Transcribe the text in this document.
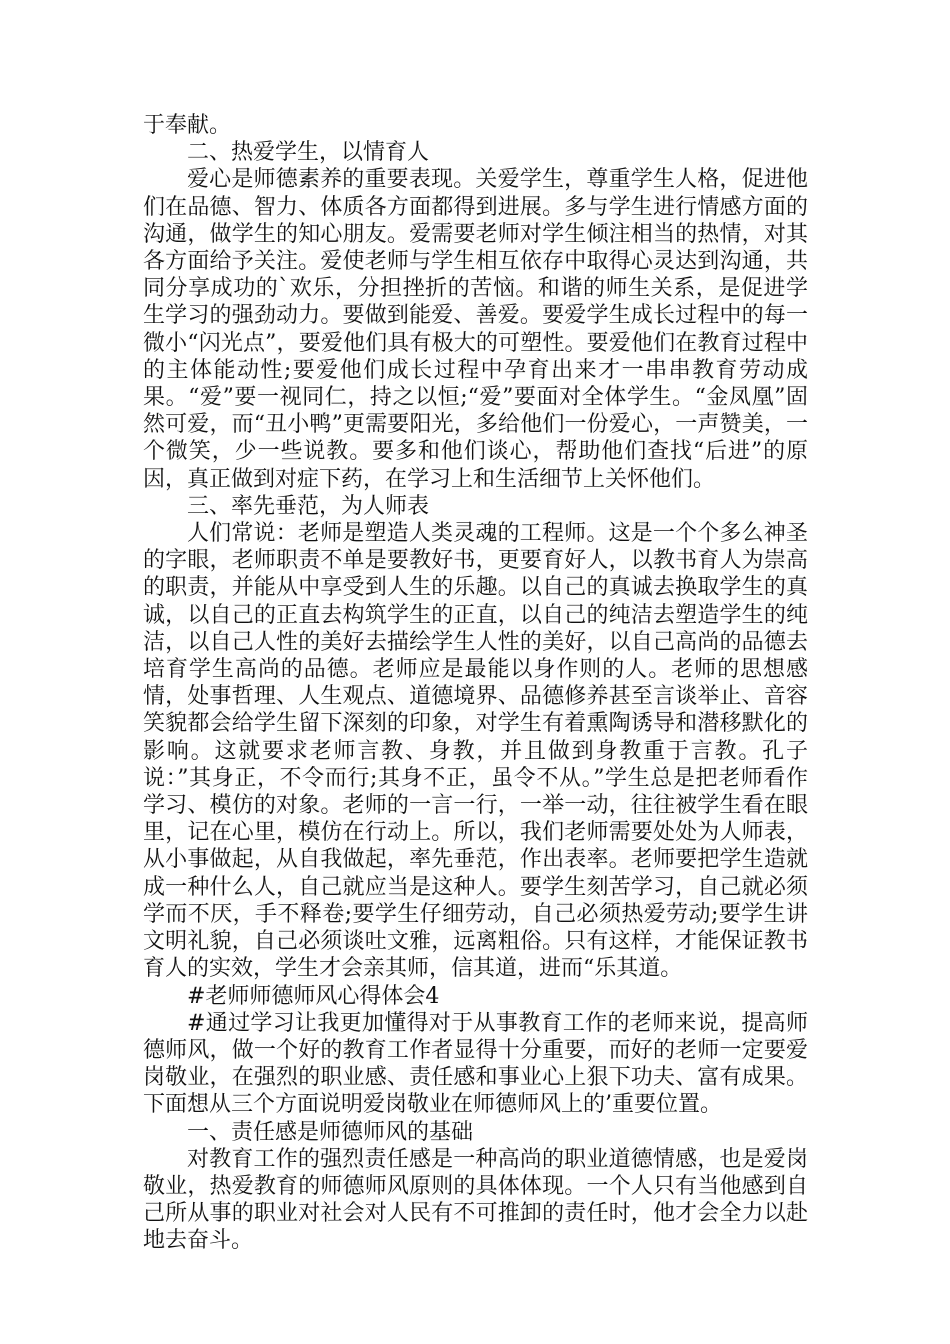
于奉献。

二、热爱学生，以情育人

爱心是师德素养的重要表现。关爱学生，尊重学生人格，促进他们在品德、智力、体质各方面都得到进展。多与学生进行情感方面的沟通，做学生的知心朋友。爱需要老师对学生倾注相当的热情，对其各方面给予关注。爱使老师与学生相互依存中取得心灵达到沟通，共同分享成功的`欢乐，分担挫折的苦恼。和谐的师生关系，是促进学生学习的强劲动力。要做到能爱、善爱。要爱学生成长过程中的每一微小“闪光点”，要爱他们具有极大的可塑性。要爱他们在教育过程中的主体能动性;要爱他们成长过程中孕育出来才一串串教育劳动成果。“爱”要一视同仁，持之以恒;“爱”要面对全体学生。“金凤凰”固然可爱，而“丑小鸭”更需要阳光，多给他们一份爱心，一声赞美，一个微笑，少一些说教。要多和他们谈心，帮助他们查找“后进”的原因，真正做到对症下药，在学习上和生活细节上关怀他们。

三、率先垂范，为人师表

人们常说：老师是塑造人类灵魂的工程师。这是一个个多么神圣的字眼，老师职责不单是要教好书，更要育好人，以教书育人为崇高的职责，并能从中享受到人生的乐趣。以自己的真诚去换取学生的真诚，以自己的正直去构筑学生的正直，以自己的纯洁去塑造学生的纯洁，以自己人性的美好去描绘学生人性的美好，以自己高尚的品德去培育学生高尚的品德。老师应是最能以身作则的人。老师的思想感情，处事哲理、人生观点、道德境界、品德修养甚至言谈举止、音容笑貌都会给学生留下深刻的印象，对学生有着熏陶诱导和潜移默化的影响。这就要求老师言教、身教，并且做到身教重于言教。孔子说：”其身正，不令而行;其身不正，虽令不从。”学生总是把老师看作学习、模仿的对象。老师的一言一行，一举一动，往往被学生看在眼里，记在心里，模仿在行动上。所以，我们老师需要处处为人师表，从小事做起，从自我做起，率先垂范，作出表率。老师要把学生造就成一种什么人，自己就应当是这种人。要学生刻苦学习，自己就必须学而不厌，手不释卷;要学生仔细劳动，自己必须热爱劳动;要学生讲文明礼貌，自己必须谈吐文雅，远离粗俗。只有这样，才能保证教书育人的实效，学生才会亲其师，信其道，进而“乐其道。

#老师师德师风心得体会4

#通过学习让我更加懂得对于从事教育工作的老师来说，提高师德师风，做一个好的教育工作者显得十分重要，而好的老师一定要爱岗敬业，在强烈的职业感、责任感和事业心上狠下功夫、富有成果。下面想从三个方面说明爱岗敬业在师德师风上的’重要位置。

一、责任感是师德师风的基础

对教育工作的强烈责任感是一种高尚的职业道德情感，也是爱岗敬业，热爱教育的师德师风原则的具体体现。一个人只有当他感到自己所从事的职业对社会对人民有不可推卸的责任时，他才会全力以赴地去奋斗。
